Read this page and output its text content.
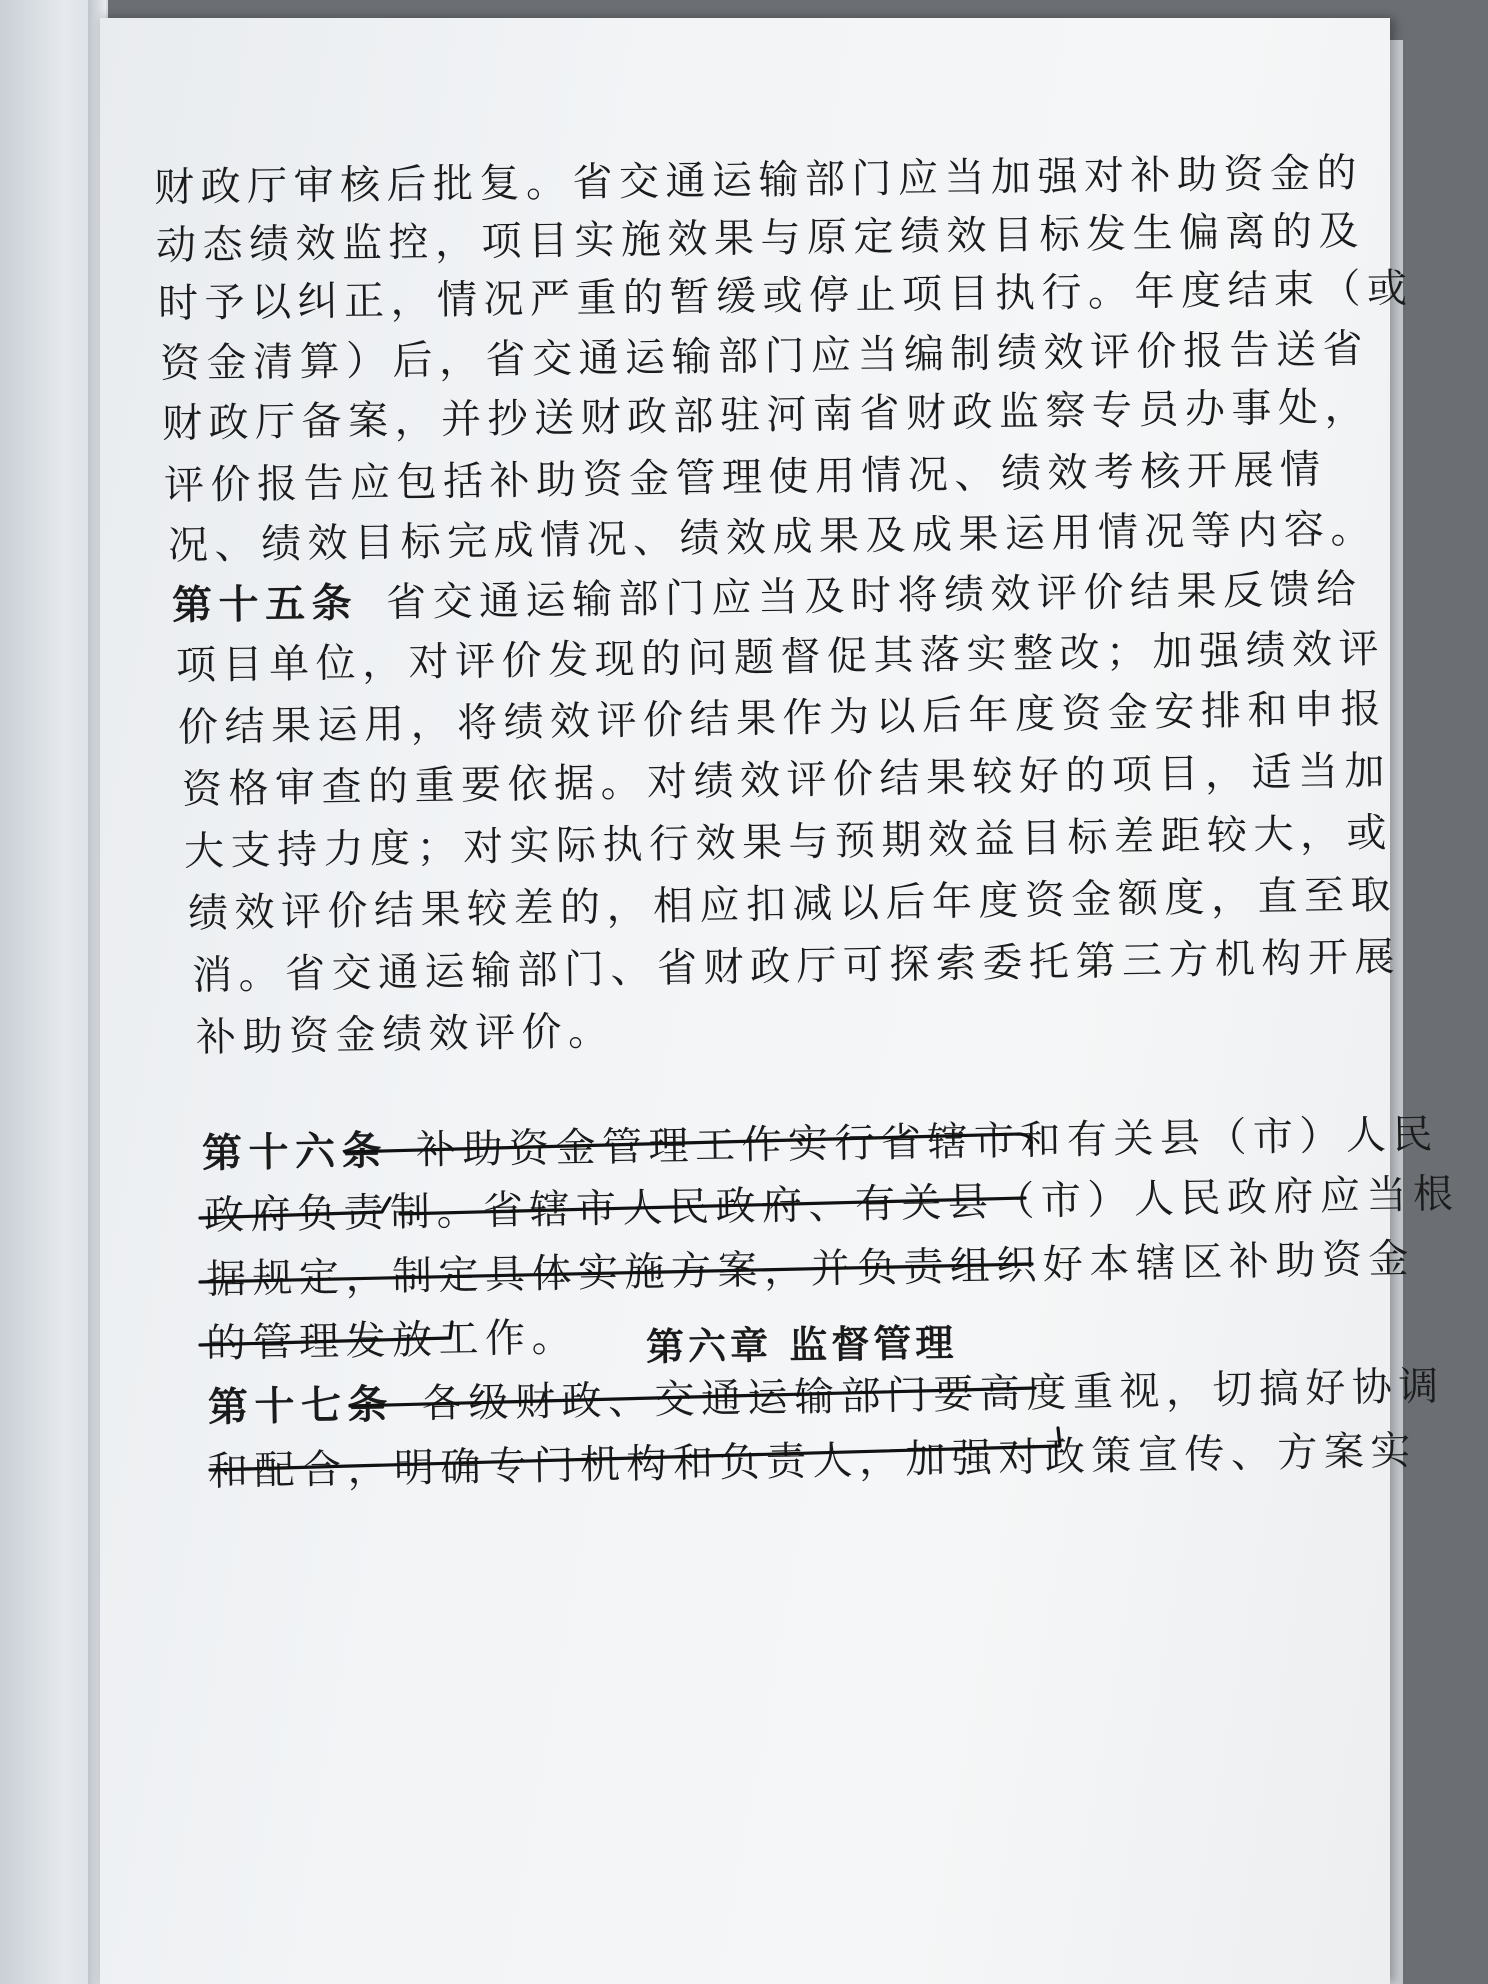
财政厅审核后批复。省交通运输部门应当加强对补助资金的
动态绩效监控，项目实施效果与原定绩效目标发生偏离的及
时予以纠正，情况严重的暂缓或停止项目执行。年度结束（或
资金清算）后，省交通运输部门应当编制绩效评价报告送省
财政厅备案，并抄送财政部驻河南省财政监察专员办事处，
评价报告应包括补助资金管理使用情况、绩效考核开展情
况、绩效目标完成情况、绩效成果及成果运用情况等内容。
第十五条 省交通运输部门应当及时将绩效评价结果反馈给
项目单位，对评价发现的问题督促其落实整改；加强绩效评
价结果运用，将绩效评价结果作为以后年度资金安排和申报
资格审查的重要依据。对绩效评价结果较好的项目，适当加
大支持力度；对实际执行效果与预期效益目标差距较大，或
绩效评价结果较差的，相应扣减以后年度资金额度，直至取
消。省交通运输部门、省财政厅可探索委托第三方机构开展
补助资金绩效评价。
第六章 监督管理
第十六条 补助资金管理工作实行省辖市和有关县（市）人民
政府负责制。省辖市人民政府、有关县（市）人民政府应当根
据规定，制定具体实施方案，并负责组织好本辖区补助资金
的管理发放工作。
第十七条 各级财政、交通运输部门要高度重视，切搞好协调
和配合，明确专门机构和负责人，加强对政策宣传、方案实
